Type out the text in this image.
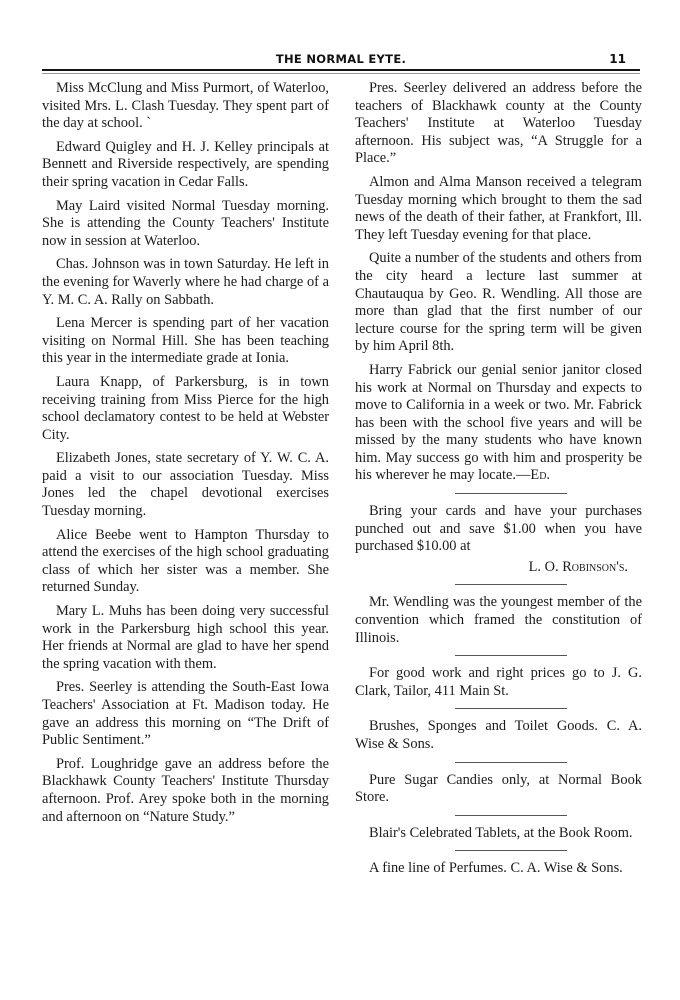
THE NORMAL EYTE.	11

Miss McClung and Miss Purmort, of Waterloo, visited Mrs. L. Clash Tuesday. They spent part of the day at school. `

Edward Quigley and H. J. Kelley principals at Bennett and Riverside respectively, are spending their spring vacation in Cedar Falls.

May Laird visited Normal Tuesday morning. She is attending the County Teachers' Institute now in session at Waterloo.

Chas. Johnson was in town Saturday. He left in the evening for Waverly where he had charge of a Y. M. C. A. Rally on Sabbath.

Lena Mercer is spending part of her vacation visiting on Normal Hill. She has been teaching this year in the intermediate grade at Ionia.

Laura Knapp, of Parkersburg, is in town receiving training from Miss Pierce for the high school declamatory contest to be held at Webster City.

Elizabeth Jones, state secretary of Y. W. C. A. paid a visit to our association Tuesday. Miss Jones led the chapel devotional exercises Tuesday morning.

Alice Beebe went to Hampton Thursday to attend the exercises of the high school graduating class of which her sister was a member. She returned Sunday.

Mary L. Muhs has been doing very successful work in the Parkersburg high school this year. Her friends at Normal are glad to have her spend the spring vacation with them.

Pres. Seerley is attending the South-East Iowa Teachers' Association at Ft. Madison today. He gave an address this morning on “The Drift of Public Sentiment.”

Prof. Loughridge gave an address before the Blackhawk County Teachers' Institute Thursday afternoon. Prof. Arey spoke both in the morning and afternoon on “Nature Study.”

Pres. Seerley delivered an address before the teachers of Blackhawk county at the County Teachers' Institute at Waterloo Tuesday afternoon. His subject was, “A Struggle for a Place.”

Almon and Alma Manson received a telegram Tuesday morning which brought to them the sad news of the death of their father, at Frankfort, Ill. They left Tuesday evening for that place.

Quite a number of the students and others from the city heard a lecture last summer at Chautauqua by Geo. R. Wendling. All those are more than glad that the first number of our lecture course for the spring term will be given by him April 8th.

Harry Fabrick our genial senior janitor closed his work at Normal on Thursday and expects to move to California in a week or two. Mr. Fabrick has been with the school five years and will be missed by the many students who have known him. May success go with him and prosperity be his wherever he may locate.—Ed.

Bring your cards and have your purchases punched out and save $1.00 when you have purchased $10.00 at

L. O. Robinson's.

Mr. Wendling was the youngest member of the convention which framed the constitution of Illinois.

For good work and right prices go to J. G. Clark, Tailor, 411 Main St.

Brushes, Sponges and Toilet Goods. C. A. Wise & Sons.

Pure Sugar Candies only, at Normal Book Store.

Blair's Celebrated Tablets, at the Book Room.

A fine line of Perfumes. C. A. Wise & Sons.
